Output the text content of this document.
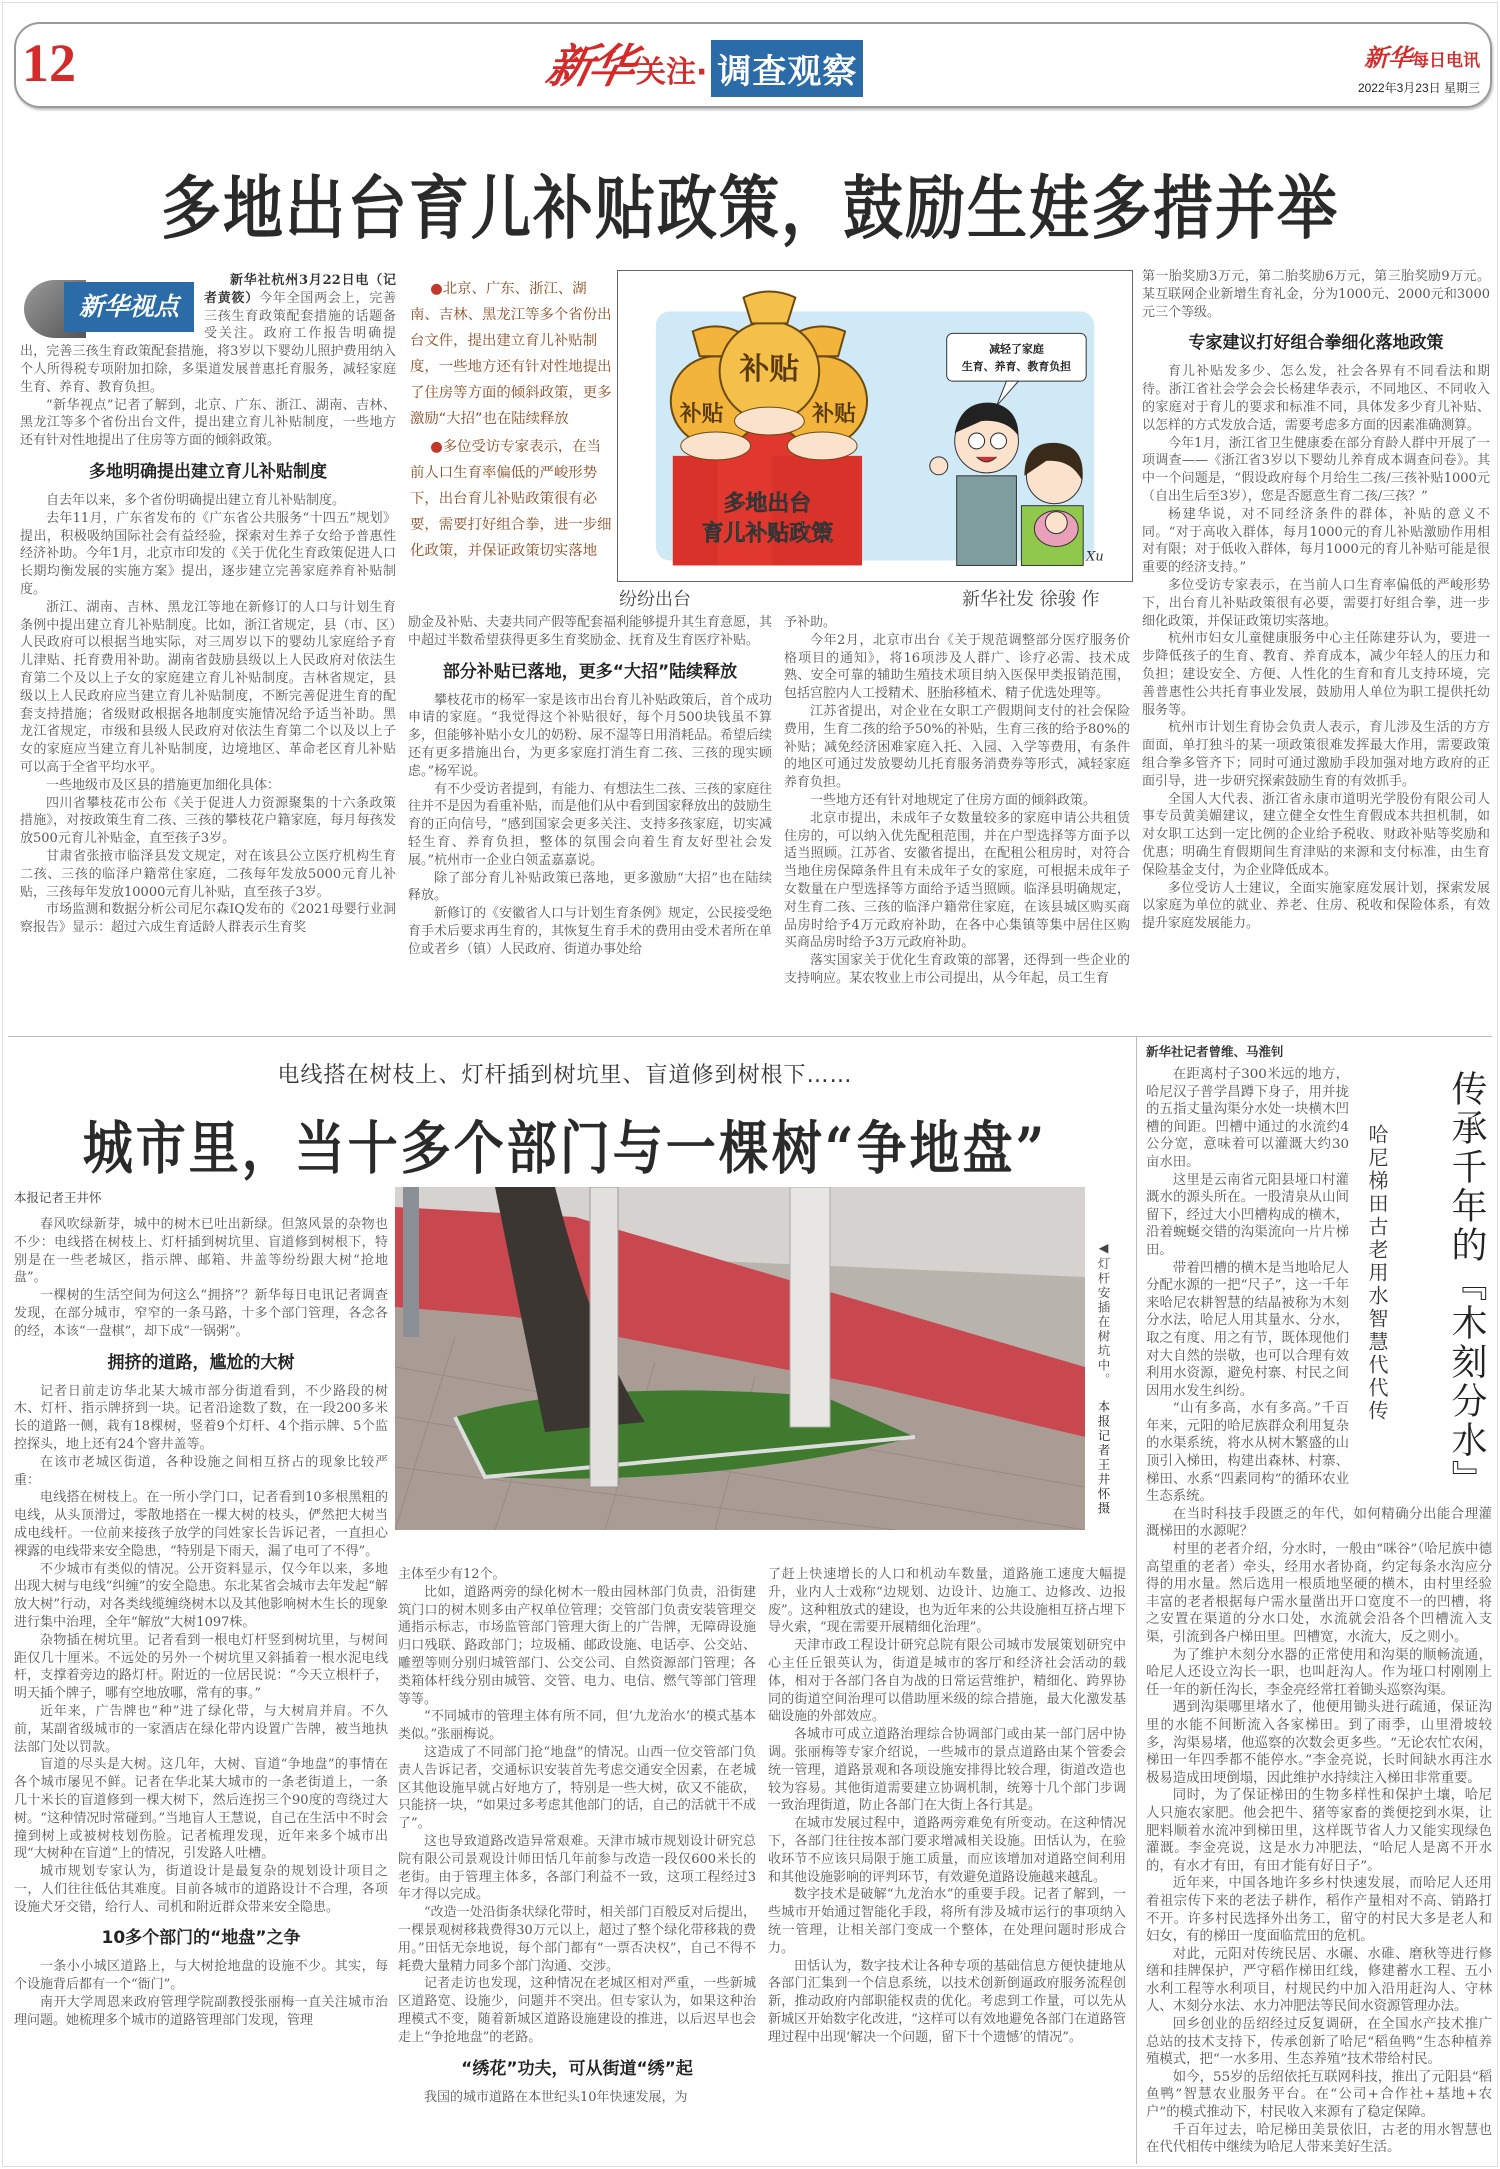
12	新华
关注· 调查观察	新华每日电讯
2022年3月23日 星期三
多地出台育儿补贴政策，鼓励生娃多措并举
新华视点

新华社杭州3月22日电（记者黄筱）今年全国两会上，完善三孩生育政策配套措施的话题备受关注。政府工作报告明确提出，完善三孩生育政策配套措施，将3岁以下婴幼儿照护费用纳入个人所得税专项附加扣除，多渠道发展普惠托育服务，减轻家庭生育、养育、教育负担。

“新华视点”记者了解到，北京、广东、浙江、湖南、吉林、黑龙江等多个省份出台文件，提出建立育儿补贴制度，一些地方还有针对性地提出了住房等方面的倾斜政策。

多地明确提出建立育儿补贴制度

自去年以来，多个省份明确提出建立育儿补贴制度。

去年11月，广东省发布的《广东省公共服务“十四五”规划》提出，积极吸纳国际社会有益经验，探索对生养子女给予普惠性经济补助。今年1月，北京市印发的《关于优化生育政策促进人口长期均衡发展的实施方案》提出，逐步建立完善家庭养育补贴制度。

浙江、湖南、吉林、黑龙江等地在新修订的人口与计划生育条例中提出建立育儿补贴制度。比如，浙江省规定，县（市、区）人民政府可以根据当地实际，对三周岁以下的婴幼儿家庭给予育儿津贴、托育费用补助。湖南省鼓励县级以上人民政府对依法生育第二个及以上子女的家庭建立育儿补贴制度。吉林省规定，县级以上人民政府应当建立育儿补贴制度，不断完善促进生育的配套支持措施；省级财政根据各地制度实施情况给予适当补助。黑龙江省规定，市级和县级人民政府对依法生育第二个以及以上子女的家庭应当建立育儿补贴制度，边境地区、革命老区育儿补贴可以高于全省平均水平。

一些地级市及区县的措施更加细化具体：

四川省攀枝花市公布《关于促进人力资源聚集的十六条政策措施》，对按政策生育二孩、三孩的攀枝花户籍家庭，每月每孩发放500元育儿补贴金，直至孩子3岁。

甘肃省张掖市临泽县发文规定，对在该县公立医疗机构生育二孩、三孩的临泽户籍常住家庭，二孩每年发放5000元育儿补贴，三孩每年发放10000元育儿补贴，直至孩子3岁。

市场监测和数据分析公司尼尔森IQ发布的《2021母婴行业洞察报告》显示：超过六成生育适龄人群表示生育奖

● 北京、广东、浙江、湖南、吉林、黑龙江等多个省份出台文件，提出建立育儿补贴制度，一些地方还有针对性地提出了住房等方面的倾斜政策，更多激励“大招”也在陆续释放

● 多位受访专家表示，在当前人口生育率偏低的严峻形势下，出台育儿补贴政策很有必要，需要打好组合拳，进一步细化政策，并保证政策切实落地

补贴	补贴
补贴
多地出台
育儿补贴政策
减轻了家庭
生育、养育、教育负担
Xu
纷纷出台	新华社发 徐骏 作

励金及补贴、夫妻共同产假等配套福利能够提升其生育意愿，其中超过半数希望获得更多生育奖励金、抚育及生育医疗补贴。

部分补贴已落地，更多“大招”陆续释放

攀枝花市的杨军一家是该市出台育儿补贴政策后，首个成功申请的家庭。“我觉得这个补贴很好，每个月500块钱虽不算多，但能够补贴小女儿的奶粉、尿不湿等日用消耗品。希望后续还有更多措施出台，为更多家庭打消生育二孩、三孩的现实顾虑。”杨军说。

有不少受访者提到，有能力、有想法生二孩、三孩的家庭往往并不是因为看重补贴，而是他们从中看到国家释放出的鼓励生育的正向信号，“感到国家会更多关注、支持多孩家庭，切实减轻生育、养育负担，整体的氛围会向着生育友好型社会发展。”杭州市一企业白领孟嘉嘉说。

除了部分育儿补贴政策已落地，更多激励“大招”也在陆续释放。

新修订的《安徽省人口与计划生育条例》规定，公民接受绝育手术后要求再生育的，其恢复生育手术的费用由受术者所在单位或者乡（镇）人民政府、街道办事处给

予补助。

今年2月，北京市出台《关于规范调整部分医疗服务价格项目的通知》，将16项涉及人群广、诊疗必需、技术成熟、安全可靠的辅助生殖技术项目纳入医保甲类报销范围，包括宫腔内人工授精术、胚胎移植术、精子优选处理等。

江苏省提出，对企业在女职工产假期间支付的社会保险费用，生育二孩的给予50%的补贴，生育三孩的给予80%的补贴；减免经济困难家庭入托、入园、入学等费用，有条件的地区可通过发放婴幼儿托育服务消费券等形式，减轻家庭养育负担。

一些地方还有针对地规定了住房方面的倾斜政策。

北京市提出，未成年子女数量较多的家庭申请公共租赁住房的，可以纳入优先配租范围，并在户型选择等方面予以适当照顾。江苏省、安徽省提出，在配租公租房时，对符合当地住房保障条件且有未成年子女的家庭，可根据未成年子女数量在户型选择等方面给予适当照顾。临泽县明确规定，对生育二孩、三孩的临泽户籍常住家庭，在该县城区购买商品房时给予4万元政府补助，在各中心集镇等集中居住区购买商品房时给予3万元政府补助。

落实国家关于优化生育政策的部署，还得到一些企业的支持响应。某农牧业上市公司提出，从今年起，员工生育

第一胎奖励3万元，第二胎奖励6万元，第三胎奖励9万元。某互联网企业新增生育礼金，分为1000元、2000元和3000元三个等级。

专家建议打好组合拳细化落地政策

育儿补贴发多少、怎么发，社会各界有不同看法和期待。浙江省社会学会会长杨建华表示，不同地区、不同收入的家庭对于育儿的要求和标准不同，具体发多少育儿补贴、以怎样的方式发放合适，需要考虑多方面的因素准确测算。

今年1月，浙江省卫生健康委在部分育龄人群中开展了一项调查——《浙江省3岁以下婴幼儿养育成本调查问卷》。其中一个问题是，“假设政府每个月给生二孩/三孩补贴1000元（自出生后至3岁），您是否愿意生育二孩/三孩？”

杨建华说，对不同经济条件的群体，补贴的意义不同。“对于高收入群体，每月1000元的育儿补贴激励作用相对有限；对于低收入群体，每月1000元的育儿补贴可能是很重要的经济支持。”

多位受访专家表示，在当前人口生育率偏低的严峻形势下，出台育儿补贴政策很有必要，需要打好组合拳，进一步细化政策，并保证政策切实落地。

杭州市妇女儿童健康服务中心主任陈建芬认为，要进一步降低孩子的生育、教育、养育成本，减少年轻人的压力和负担；建设安全、方便、人性化的生育和育儿支持环境，完善普惠性公共托育事业发展，鼓励用人单位为职工提供托幼服务等。

杭州市计划生育协会负责人表示，育儿涉及生活的方方面面，单打独斗的某一项政策很难发挥最大作用，需要政策组合拳多管齐下；同时可通过激励手段加强对地方政府的正面引导，进一步研究探索鼓励生育的有效抓手。

全国人大代表、浙江省永康市道明光学股份有限公司人事专员黄美媚建议，建立健全女性生育假成本共担机制，如对女职工达到一定比例的企业给予税收、财政补贴等奖励和优惠；明确生育假期间生育津贴的来源和支付标准，由生育保险基金支付，为企业降低成本。

多位受访人士建议，全面实施家庭发展计划，探索发展以家庭为单位的就业、养老、住房、税收和保险体系，有效提升家庭发展能力。

电线搭在树枝上、灯杆插到树坑里、盲道修到树根下……
城市里，当十多个部门与一棵树“争地盘”
本报记者王井怀

春风吹绿新芽，城中的树木已吐出新绿。但煞风景的杂物也不少：电线搭在树枝上、灯杆插到树坑里、盲道修到树根下，特别是在一些老城区，指示牌、邮箱、井盖等纷纷跟大树“抢地盘”。

一棵树的生活空间为何这么“拥挤”？新华每日电讯记者调查发现，在部分城市，窄窄的一条马路，十多个部门管理，各念各的经，本该“一盘棋”，却下成“一锅粥”。

拥挤的道路，尴尬的大树

记者日前走访华北某大城市部分街道看到，不少路段的树木、灯杆、指示牌挤到一块。记者沿途数了数，在一段200多米长的道路一侧，栽有18棵树，竖着9个灯杆、4个指示牌、5个监控探头，地上还有24个窨井盖等。

在该市老城区街道，各种设施之间相互挤占的现象比较严重：

电线搭在树枝上。在一所小学门口，记者看到10多根黑粗的电线，从头顶滑过，零散地搭在一棵大树的枝头，俨然把大树当成电线杆。一位前来接孩子放学的闫姓家长告诉记者，一直担心裸露的电线带来安全隐患，“特别是下雨天，漏了电可了不得”。

不少城市有类似的情况。公开资料显示，仅今年以来，多地出现大树与电线“纠缠”的安全隐患。东北某省会城市去年发起“解放大树”行动，对各类线缆缠绕树木以及其他影响树木生长的现象进行集中治理，全年“解放”大树1097株。

杂物插在树坑里。记者看到一根电灯杆竖到树坑里，与树间距仅几十厘米。不远处的另外一个树坑里又斜插着一根水泥电线杆，支撑着旁边的路灯杆。附近的一位居民说：“今天立根杆子，明天插个牌子，哪有空地放哪，常有的事。”

近年来，广告牌也“种”进了绿化带，与大树肩并肩。不久前，某副省级城市的一家酒店在绿化带内设置广告牌，被当地执法部门处以罚款。

盲道的尽头是大树。这几年，大树、盲道“争地盘”的事情在各个城市屡见不鲜。记者在华北某大城市的一条老街道上，一条几十米长的盲道修到一棵大树下，然后连拐三个90度的弯绕过大树。“这种情况时常碰到。”当地盲人王慧说，自己在生活中不时会撞到树上或被树枝划伤脸。记者梳理发现，近年来多个城市出现“大树种在盲道”上的情况，引发路人吐槽。

城市规划专家认为，街道设计是最复杂的规划设计项目之一，人们往往低估其难度。目前各城市的道路设计不合理，各项设施犬牙交错，给行人、司机和附近群众带来安全隐患。

10多个部门的“地盘”之争

一条小小城区道路上，与大树抢地盘的设施不少。其实，每个设施背后都有一个“衙门”。

南开大学周恩来政府管理学院副教授张丽梅一直关注城市治理问题。她梳理多个城市的道路管理部门发现，管理

◀灯杆安插在树坑中。
本报记者王井怀摄

主体至少有12个。

比如，道路两旁的绿化树木一般由园林部门负责，沿街建筑门口的树木则多由产权单位管理；交管部门负责安装管理交通指示标志，市场监管部门管理大街上的广告牌，无障碍设施归口残联、路政部门；垃圾桶、邮政设施、电话亭、公交站、雕塑等则分别归城管部门、公交公司、自然资源部门管理；各类箱体杆线分别由城管、交管、电力、电信、燃气等部门管理等等。

“不同城市的管理主体有所不同，但‘九龙治水’的模式基本类似。”张丽梅说。

这造成了不同部门抢“地盘”的情况。山西一位交管部门负责人告诉记者，交通标识安装首先考虑交通安全因素，在老城区其他设施早就占好地方了，特别是一些大树，砍又不能砍，只能挤一块，“如果过多考虑其他部门的话，自己的活就干不成了”。

这也导致道路改造异常艰难。天津市城市规划设计研究总院有限公司景观设计师田恬几年前参与改造一段仅600米长的老街。由于管理主体多，各部门利益不一致，这项工程经过3年才得以完成。

“改造一处沿街条状绿化带时，相关部门百般反对后提出，一棵景观树移栽费得30万元以上，超过了整个绿化带移栽的费用。”田恬无奈地说，每个部门都有“一票否决权”，自己不得不耗费大量精力同多个部门沟通、交涉。

记者走访也发现，这种情况在老城区相对严重，一些新城区道路宽、设施少，问题并不突出。但专家认为，如果这种治理模式不变，随着新城区道路设施建设的推进，以后迟早也会走上“争抢地盘”的老路。

“绣花”功夫，可从街道“绣”起

我国的城市道路在本世纪头10年快速发展，为

了赶上快速增长的人口和机动车数量，道路施工速度大幅提升，业内人士戏称“边规划、边设计、边施工、边修改、边报废”。这种粗放式的建设，也为近年来的公共设施相互挤占埋下导火索，“现在需要开展精细化治理”。

天津市政工程设计研究总院有限公司城市发展策划研究中心主任丘银英认为，街道是城市的客厅和经济社会活动的载体，相对于各部门各自为战的日常运营维护，精细化、跨界协同的街道空间治理可以借助厘米级的综合措施，最大化激发基础设施的外部效应。

各城市可成立道路治理综合协调部门或由某一部门居中协调。张丽梅等专家介绍说，一些城市的景点道路由某个管委会统一管理，道路景观和各项设施安排得比较合理，街道改造也较为容易。其他街道需要建立协调机制，统筹十几个部门步调一致治理街道，防止各部门在大街上各行其是。

在城市发展过程中，道路两旁难免有所变动。在这种情况下，各部门往往按本部门要求增减相关设施。田恬认为，在验收环节不应该只局限于施工质量，而应该增加对道路空间利用和其他设施影响的评判环节，有效避免道路设施越来越乱。

数字技术是破解“九龙治水”的重要手段。记者了解到，一些城市开始通过智能化手段，将所有涉及城市运行的事项纳入统一管理，让相关部门变成一个整体，在处理问题时形成合力。

田恬认为，数字技术让各种专项的基础信息方便快捷地从各部门汇集到一个信息系统，以技术创新倒逼政府服务流程创新，推动政府内部职能权责的优化。考虑到工作量，可以先从新城区开始数字化改进，“这样可以有效地避免各部门在道路管理过程中出现‘解决一个问题，留下十个遗憾’的情况”。

新华社记者曾维、马淮钊
传承千年的『木刻分水』
哈尼梯田古老用水智慧代代传

在距离村子300米远的地方，哈尼汉子普学昌蹲下身子，用并拢的五指丈量沟渠分水处一块横木凹槽的间距。凹槽中通过的水流约4公分宽，意味着可以灌溉大约30亩水田。

这里是云南省元阳县垭口村灌溉水的源头所在。一股清泉从山间留下，经过大小凹槽构成的横木，沿着蜿蜒交错的沟渠流向一片片梯田。

带着凹槽的横木是当地哈尼人分配水源的一把“尺子”，这一千年来哈尼农耕智慧的结晶被称为木刻分水法，哈尼人用其量水、分水，取之有度、用之有节，既体现他们对大自然的崇敬，也可以合理有效利用水资源，避免村寨、村民之间因用水发生纠纷。

“山有多高，水有多高。”千百年来，元阳的哈尼族群众利用复杂的水渠系统，将水从树木繁盛的山顶引入梯田，构建出森林、村寨、梯田、水系“四素同构”的循环农业生态系统。

在当时科技手段匮乏的年代，如何精确分出能合理灌溉梯田的水源呢？

村里的老者介绍，分水时，一般由“咪谷”（哈尼族中德高望重的老者）牵头，经用水者协商，约定每条水沟应分得的用水量。然后选用一根质地坚硬的横木，由村里经验丰富的老者根据每户需水量凿出开口宽度不一的凹槽，将之安置在渠道的分水口处，水流就会沿各个凹槽流入支渠，引流到各户梯田里。凹槽宽，水流大，反之则小。

为了维护木刻分水器的正常使用和沟渠的顺畅流通，哈尼人还设立沟长一职，也叫赶沟人。作为垭口村刚刚上任一年的新任沟长，李金亮经常扛着锄头巡察沟渠。

遇到沟渠哪里堵水了，他便用锄头进行疏通，保证沟里的水能不间断流入各家梯田。到了雨季，山里滑坡较多，沟渠易堵，他巡察的次数会更多些。“无论农忙农闲，梯田一年四季都不能停水。”李金亮说，长时间缺水再注水极易造成田埂倒塌，因此维护水持续注入梯田非常重要。

同时，为了保证梯田的生物多样性和保护土壤，哈尼人只施农家肥。他会把牛、猪等家畜的粪便挖到水渠，让肥料顺着水流冲到梯田里，这样既节省人力又能实现绿色灌溉。李金亮说，这是水力冲肥法，“哈尼人是离不开水的，有水才有田，有田才能有好日子”。

近年来，中国各地许多乡村快速发展，而哈尼人还用着祖宗传下来的老法子耕作，稻作产量相对不高、销路打不开。许多村民选择外出务工，留守的村民大多是老人和妇女，有的梯田一度面临荒田的危机。

对此，元阳对传统民居、水碾、水碓、磨秋等进行修缮和挂牌保护，严守稻作梯田红线，修建蓄水工程、五小水利工程等水利项目，村规民约中加入沿用赶沟人、守林人、木刻分水法、水力冲肥法等民间水资源管理办法。

回乡创业的岳绍经过反复调研，在全国水产技术推广总站的技术支持下，传承创新了哈尼“稻鱼鸭”生态种植养殖模式，把“一水多用、生态养殖”技术带给村民。

如今，55岁的岳绍依托互联网科技，推出了元阳县“稻鱼鸭”智慧农业服务平台。在“公司+合作社+基地+农户”的模式推动下，村民收入来源有了稳定保障。

千百年过去，哈尼梯田美景依旧，古老的用水智慧也在代代相传中继续为哈尼人带来美好生活。
